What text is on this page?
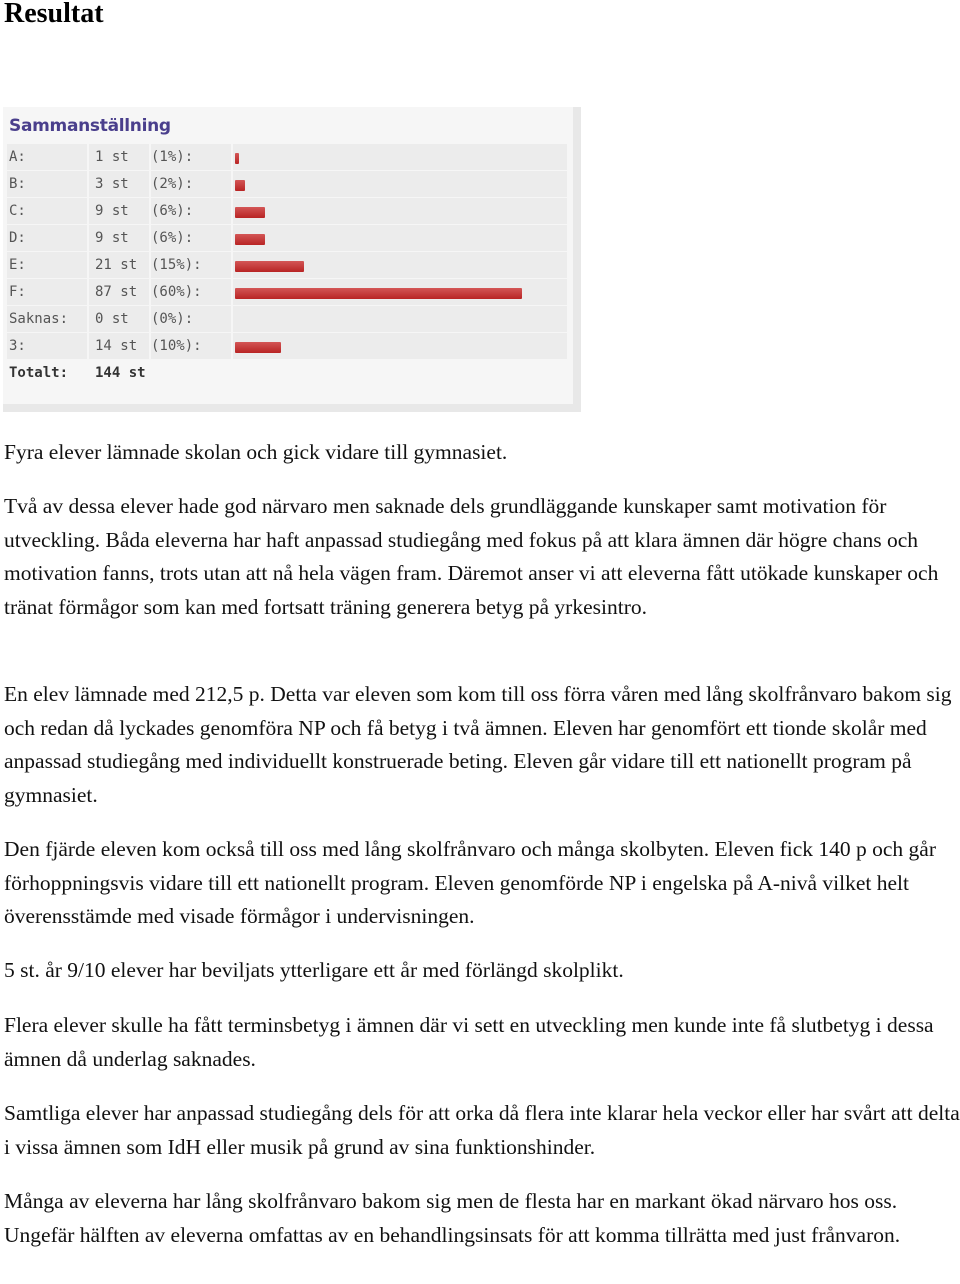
Resultat
Sammanställning
A:	1 st	(1%):
B:	3 st	(2%):
C:	9 st	(6%):
D:	9 st	(6%):
E:	21 st (15%):
F:	87 st (60%):
Saknas:	0 st	(0%):
3:	14 st (10%):
Totalt:	144 st

Fyra elever lämnade skolan och gick vidare till gymnasiet.

Två av dessa elever hade god närvaro men saknade dels grundläggande kunskaper samt motivation för utveckling. Båda eleverna har haft anpassad studiegång med fokus på att klara ämnen där högre chans och motivation fanns, trots utan att nå hela vägen fram. Däremot anser vi att eleverna fått utökade kunskaper och tränat förmågor som kan med fortsatt träning generera betyg på yrkesintro.

En elev lämnade med 212,5 p. Detta var eleven som kom till oss förra våren med lång skolfrånvaro bakom sig och redan då lyckades genomföra NP och få betyg i två ämnen. Eleven har genomfört ett tionde skolår med anpassad studiegång med individuellt konstruerade beting. Eleven går vidare till ett nationellt program på gymnasiet.

Den fjärde eleven kom också till oss med lång skolfrånvaro och många skolbyten. Eleven fick 140 p och går förhoppningsvis vidare till ett nationellt program. Eleven genomförde NP i engelska på A-nivå vilket helt överensstämde med visade förmågor i undervisningen.

5 st. år 9/10 elever har beviljats ytterligare ett år med förlängd skolplikt.

Flera elever skulle ha fått terminsbetyg i ämnen där vi sett en utveckling men kunde inte få slutbetyg i dessa ämnen då underlag saknades.

Samtliga elever har anpassad studiegång dels för att orka då flera inte klarar hela veckor eller har svårt att delta i vissa ämnen som IdH eller musik på grund av sina funktionshinder.

Många av eleverna har lång skolfrånvaro bakom sig men de flesta har en markant ökad närvaro hos oss. Ungefär hälften av eleverna omfattas av en behandlingsinsats för att komma tillrätta med just frånvaron.
